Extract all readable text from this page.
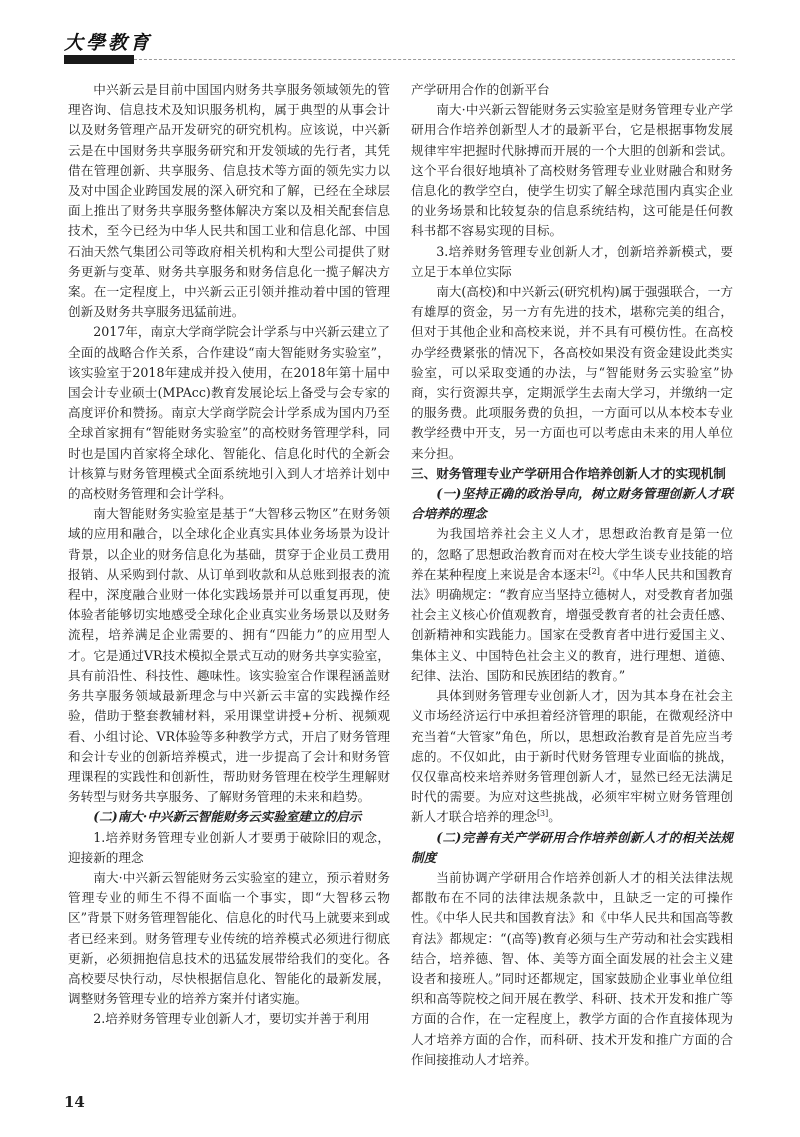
大學教育

中兴新云是目前中国国内财务共享服务领域领先的管理咨询、信息技术及知识服务机构，属于典型的从事会计以及财务管理产品开发研究的研究机构。应该说，中兴新云是在中国财务共享服务研究和开发领域的先行者，其凭借在管理创新、共享服务、信息技术等方面的领先实力以及对中国企业跨国发展的深入研究和了解，已经在全球层面上推出了财务共享服务整体解决方案以及相关配套信息技术，至今已经为中华人民共和国工业和信息化部、中国石油天然气集团公司等政府相关机构和大型公司提供了财务更新与变革、财务共享服务和财务信息化一揽子解决方案。在一定程度上，中兴新云正引领并推动着中国的管理创新及财务共享服务迅猛前进。

2017年，南京大学商学院会计学系与中兴新云建立了全面的战略合作关系，合作建设“南大智能财务实验室”，该实验室于2018年建成并投入使用，在2018年第十届中国会计专业硕士(MPAcc)教育发展论坛上备受与会专家的高度评价和赞扬。南京大学商学院会计学系成为国内乃至全球首家拥有“智能财务实验室”的高校财务管理学科，同时也是国内首家将全球化、智能化、信息化时代的全新会计核算与财务管理模式全面系统地引入到人才培养计划中的高校财务管理和会计学科。

南大智能财务实验室是基于“大智移云物区”在财务领域的应用和融合，以全球化企业真实具体业务场景为设计背景，以企业的财务信息化为基础，贯穿于企业员工费用报销、从采购到付款、从订单到收款和从总账到报表的流程中，深度融合业财一体化实践场景并可以重复再现，使体验者能够切实地感受全球化企业真实业务场景以及财务流程，培养满足企业需要的、拥有“四能力”的应用型人才。它是通过VR技术模拟全景式互动的财务共享实验室，具有前沿性、科技性、趣味性。该实验室合作课程涵盖财务共享服务领域最新理念与中兴新云丰富的实践操作经验，借助于整套教辅材料，采用课堂讲授+分析、视频观看、小组讨论、VR体验等多种教学方式，开启了财务管理和会计专业的创新培养模式，进一步提高了会计和财务管理课程的实践性和创新性，帮助财务管理在校学生理解财务转型与财务共享服务、了解财务管理的未来和趋势。

(二)南大·中兴新云智能财务云实验室建立的启示

1.培养财务管理专业创新人才要勇于破除旧的观念，迎接新的理念

南大·中兴新云智能财务云实验室的建立，预示着财务管理专业的师生不得不面临一个事实，即“大智移云物区”背景下财务管理智能化、信息化的时代马上就要来到或者已经来到。财务管理专业传统的培养模式必须进行彻底更新，必须拥抱信息技术的迅猛发展带给我们的变化。各高校要尽快行动，尽快根据信息化、智能化的最新发展，调整财务管理专业的培养方案并付诸实施。

2.培养财务管理专业创新人才，要切实并善于利用

产学研用合作的创新平台

南大·中兴新云智能财务云实验室是财务管理专业产学研用合作培养创新型人才的最新平台，它是根据事物发展规律牢牢把握时代脉搏而开展的一个大胆的创新和尝试。这个平台很好地填补了高校财务管理专业业财融合和财务信息化的教学空白，使学生切实了解全球范围内真实企业的业务场景和比较复杂的信息系统结构，这可能是任何教科书都不容易实现的目标。

3.培养财务管理专业创新人才，创新培养新模式，要立足于本单位实际

南大(高校)和中兴新云(研究机构)属于强强联合，一方有雄厚的资金，另一方有先进的技术，堪称完美的组合，但对于其他企业和高校来说，并不具有可模仿性。在高校办学经费紧张的情况下，各高校如果没有资金建设此类实验室，可以采取变通的办法，与“智能财务云实验室”协商，实行资源共享，定期派学生去南大学习，并缴纳一定的服务费。此项服务费的负担，一方面可以从本校本专业教学经费中开支，另一方面也可以考虑由未来的用人单位来分担。

三、财务管理专业产学研用合作培养创新人才的实现机制

(一)坚持正确的政治导向，树立财务管理创新人才联合培养的理念

为我国培养社会主义人才，思想政治教育是第一位的，忽略了思想政治教育而对在校大学生谈专业技能的培养在某种程度上来说是舍本逐末[2]。《中华人民共和国教育法》明确规定：“教育应当坚持立德树人，对受教育者加强社会主义核心价值观教育，增强受教育者的社会责任感、创新精神和实践能力。国家在受教育者中进行爱国主义、集体主义、中国特色社会主义的教育，进行理想、道德、纪律、法治、国防和民族团结的教育。”

具体到财务管理专业创新人才，因为其本身在社会主义市场经济运行中承担着经济管理的职能，在微观经济中充当着“大管家”角色，所以，思想政治教育是首先应当考虑的。不仅如此，由于新时代财务管理专业面临的挑战，仅仅靠高校来培养财务管理创新人才，显然已经无法满足时代的需要。为应对这些挑战，必须牢牢树立财务管理创新人才联合培养的理念[3]。

(二)完善有关产学研用合作培养创新人才的相关法规制度

当前协调产学研用合作培养创新人才的相关法律法规都散布在不同的法律法规条款中，且缺乏一定的可操作性。《中华人民共和国教育法》和《中华人民共和国高等教育法》都规定：“(高等)教育必须与生产劳动和社会实践相结合，培养德、智、体、美等方面全面发展的社会主义建设者和接班人。”同时还都规定，国家鼓励企业事业单位组织和高等院校之间开展在教学、科研、技术开发和推广等方面的合作，在一定程度上，教学方面的合作直接体现为人才培养方面的合作，而科研、技术开发和推广方面的合作间接推动人才培养。

14
